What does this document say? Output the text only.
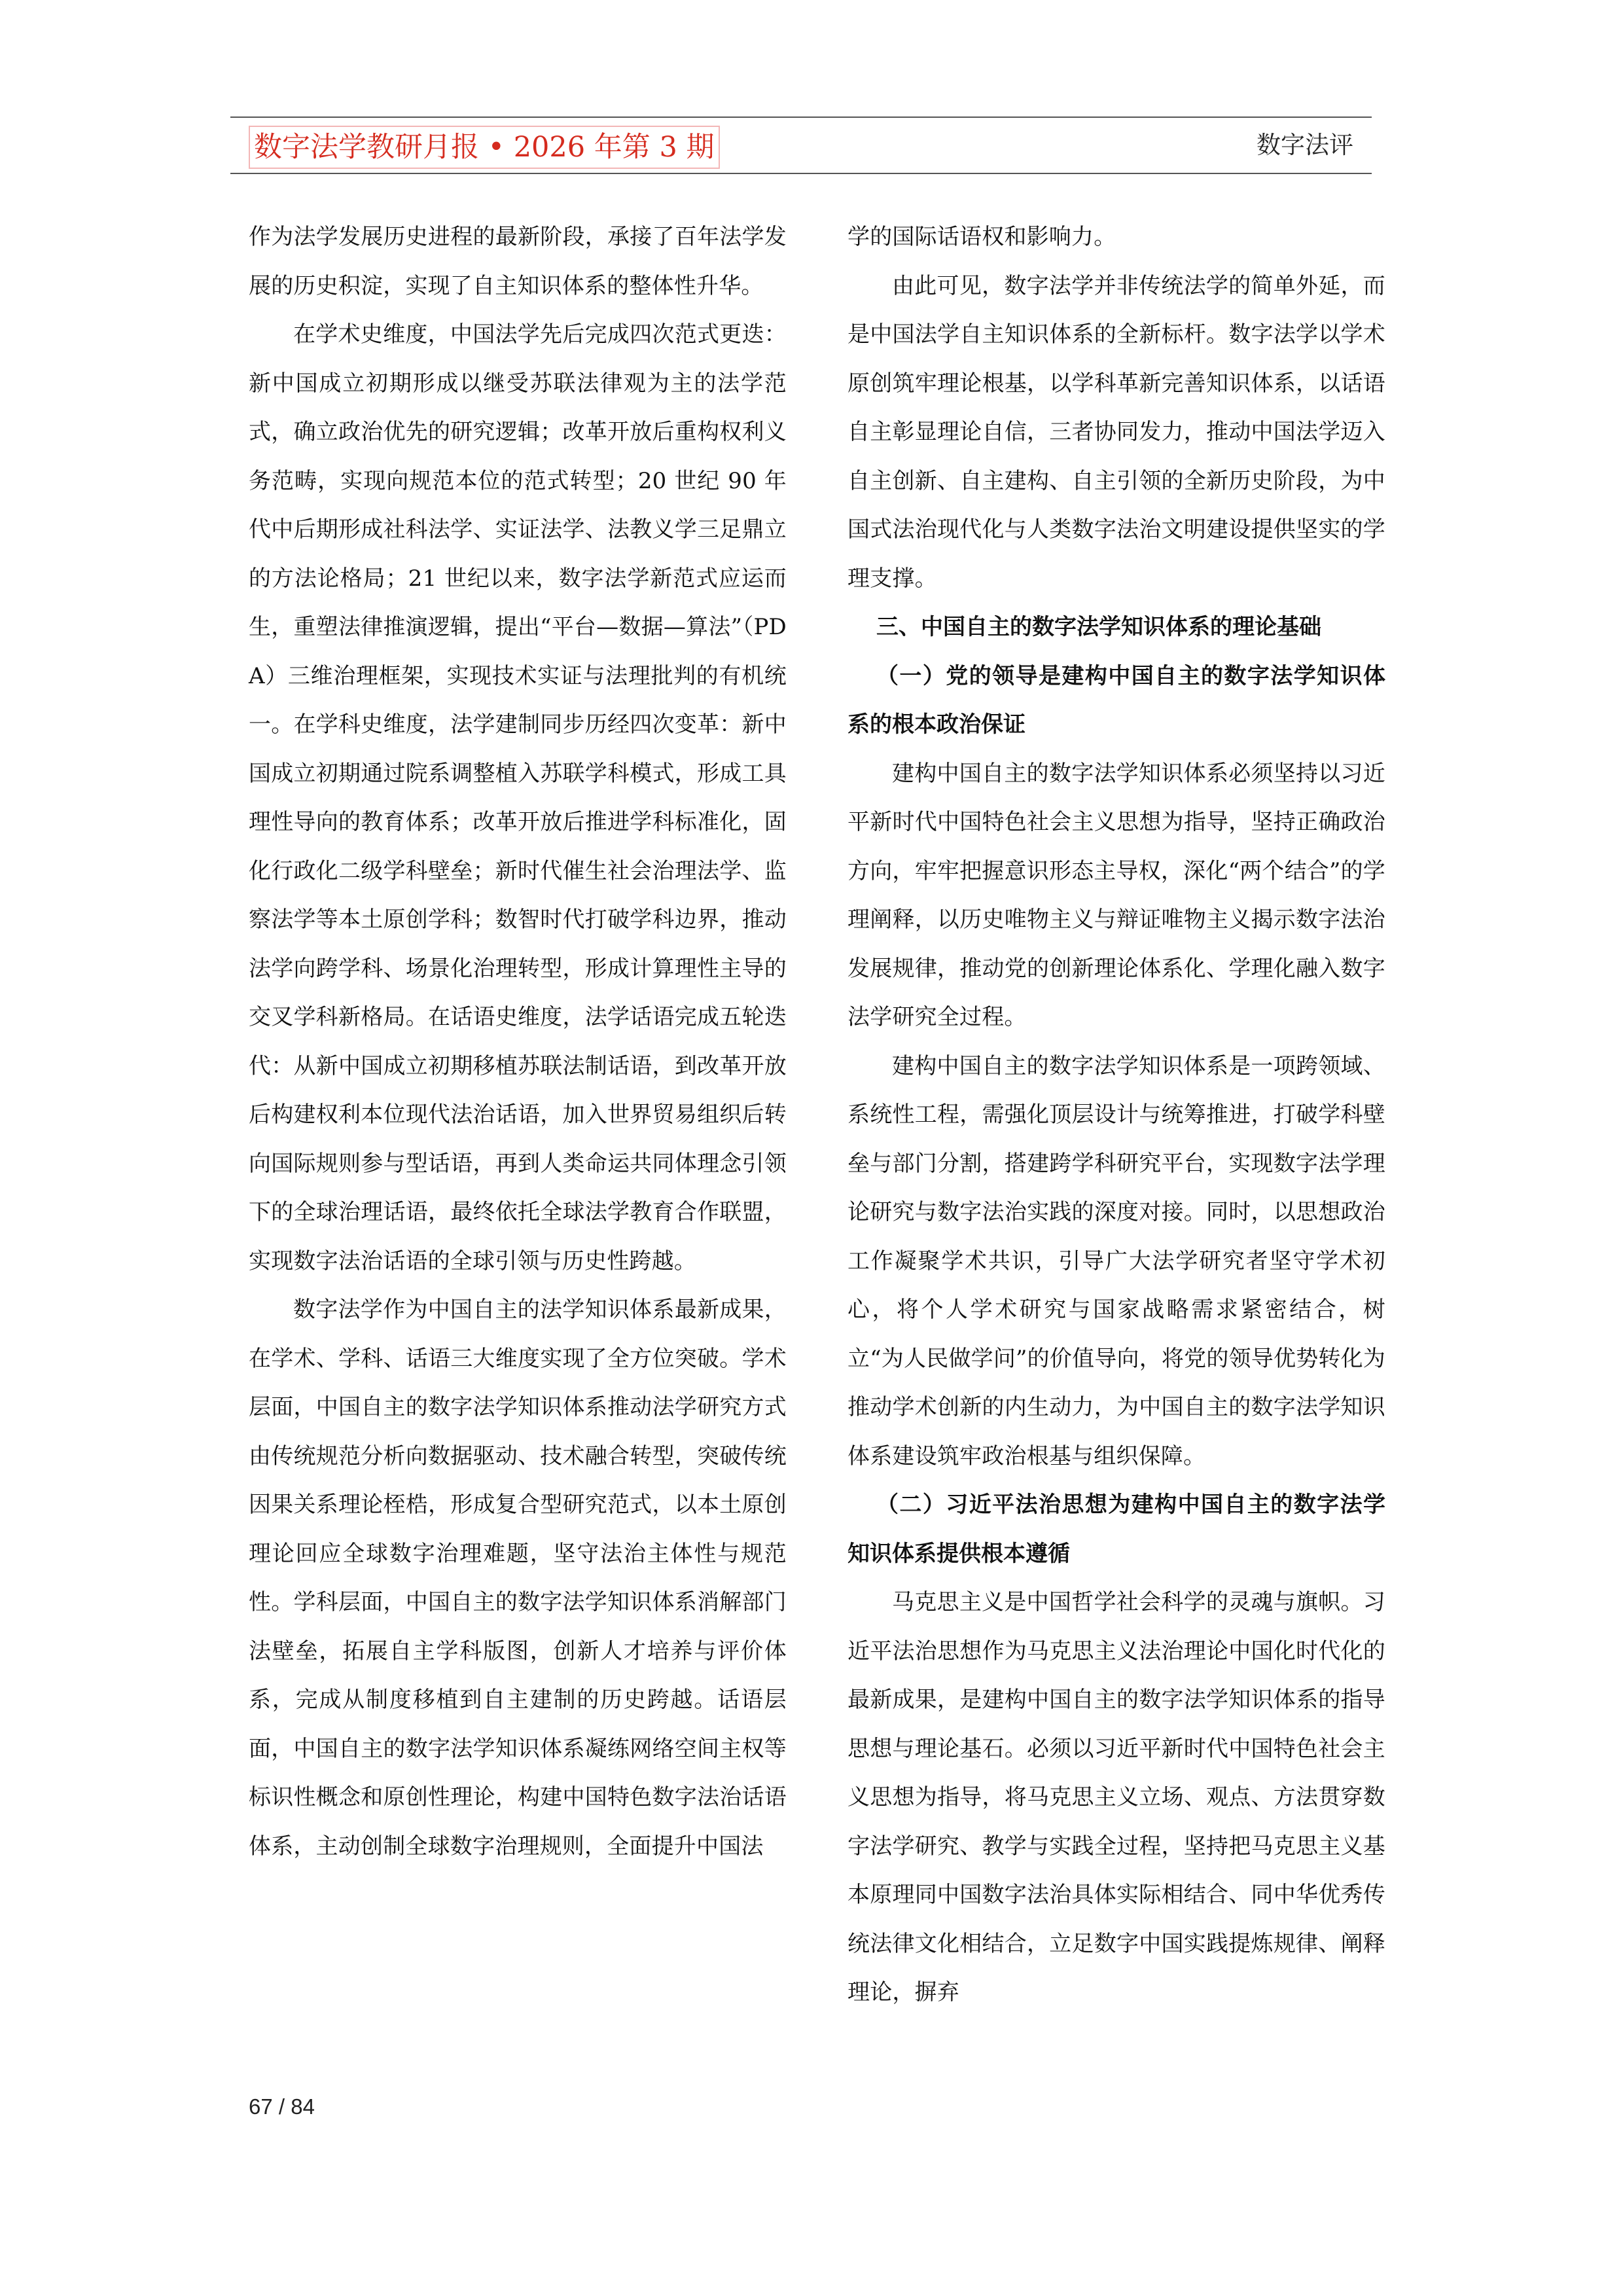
数字法学教研月报 • 2026 年第 3 期	数字法评

作为法学发展历史进程的最新阶段，承接了百年法学发展的历史积淀，实现了自主知识体系的整体性升华。

在学术史维度，中国法学先后完成四次范式更迭：新中国成立初期形成以继受苏联法律观为主的法学范式，确立政治优先的研究逻辑；改革开放后重构权利义务范畴，实现向规范本位的范式转型；20 世纪 90 年代中后期形成社科法学、实证法学、法教义学三足鼎立的方法论格局；21 世纪以来，数字法学新范式应运而生，重塑法律推演逻辑，提出“平台—数据—算法”（PDA）三维治理框架，实现技术实证与法理批判的有机统一。在学科史维度，法学建制同步历经四次变革：新中国成立初期通过院系调整植入苏联学科模式，形成工具理性导向的教育体系；改革开放后推进学科标准化，固化行政化二级学科壁垒；新时代催生社会治理法学、监察法学等本土原创学科；数智时代打破学科边界，推动法学向跨学科、场景化治理转型，形成计算理性主导的交叉学科新格局。在话语史维度，法学话语完成五轮迭代：从新中国成立初期移植苏联法制话语，到改革开放后构建权利本位现代法治话语，加入世界贸易组织后转向国际规则参与型话语，再到人类命运共同体理念引领下的全球治理话语，最终依托全球法学教育合作联盟，实现数字法治话语的全球引领与历史性跨越。

数字法学作为中国自主的法学知识体系最新成果，在学术、学科、话语三大维度实现了全方位突破。学术层面，中国自主的数字法学知识体系推动法学研究方式由传统规范分析向数据驱动、技术融合转型，突破传统因果关系理论桎梏，形成复合型研究范式，以本土原创理论回应全球数字治理难题，坚守法治主体性与规范性。学科层面，中国自主的数字法学知识体系消解部门法壁垒，拓展自主学科版图，创新人才培养与评价体系，完成从制度移植到自主建制的历史跨越。话语层面，中国自主的数字法学知识体系凝练网络空间主权等标识性概念和原创性理论，构建中国特色数字法治话语体系，主动创制全球数字治理规则，全面提升中国法

学的国际话语权和影响力。

由此可见，数字法学并非传统法学的简单外延，而是中国法学自主知识体系的全新标杆。数字法学以学术原创筑牢理论根基，以学科革新完善知识体系，以话语自主彰显理论自信，三者协同发力，推动中国法学迈入自主创新、自主建构、自主引领的全新历史阶段，为中国式法治现代化与人类数字法治文明建设提供坚实的学理支撑。

三、中国自主的数字法学知识体系的理论基础

（一）党的领导是建构中国自主的数字法学知识体系的根本政治保证

建构中国自主的数字法学知识体系必须坚持以习近平新时代中国特色社会主义思想为指导，坚持正确政治方向，牢牢把握意识形态主导权，深化“两个结合”的学理阐释，以历史唯物主义与辩证唯物主义揭示数字法治发展规律，推动党的创新理论体系化、学理化融入数字法学研究全过程。

建构中国自主的数字法学知识体系是一项跨领域、系统性工程，需强化顶层设计与统筹推进，打破学科壁垒与部门分割，搭建跨学科研究平台，实现数字法学理论研究与数字法治实践的深度对接。同时，以思想政治工作凝聚学术共识，引导广大法学研究者坚守学术初心，将个人学术研究与国家战略需求紧密结合，树立“为人民做学问”的价值导向，将党的领导优势转化为推动学术创新的内生动力，为中国自主的数字法学知识体系建设筑牢政治根基与组织保障。

（二）习近平法治思想为建构中国自主的数字法学知识体系提供根本遵循

马克思主义是中国哲学社会科学的灵魂与旗帜。习近平法治思想作为马克思主义法治理论中国化时代化的最新成果，是建构中国自主的数字法学知识体系的指导思想与理论基石。必须以习近平新时代中国特色社会主义思想为指导，将马克思主义立场、观点、方法贯穿数字法学研究、教学与实践全过程，坚持把马克思主义基本原理同中国数字法治具体实际相结合、同中华优秀传统法律文化相结合，立足数字中国实践提炼规律、阐释理论，摒弃

67 / 84
